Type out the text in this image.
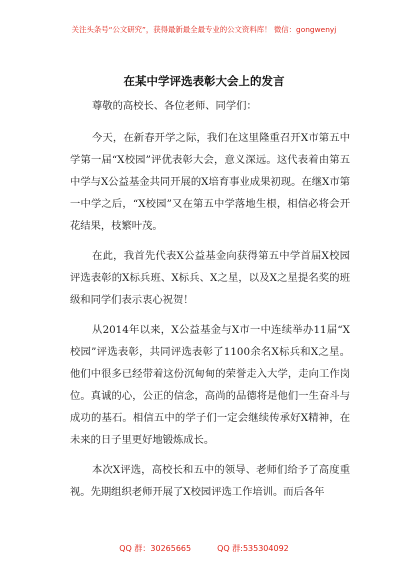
关注头条号“公文研究”，获得最新最全最专业的公文资料库！ 微信：gongwenyj
在某中学评选表彰大会上的发言

尊敬的高校长、各位老师、同学们：

今天，在新春开学之际，我们在这里隆重召开X市第五中学第一届“X校园”评优表彰大会，意义深远。这代表着由第五中学与X公益基金共同开展的X培育事业成果初现。在继X市第一中学之后，“X校园”又在第五中学落地生根，相信必将会开花结果，枝繁叶茂。

在此，我首先代表X公益基金向获得第五中学首届X校园评选表彰的X标兵班、X标兵、X之星，以及X之星提名奖的班级和同学们表示衷心祝贺！

从2014年以来，X公益基金与X市一中连续举办11届“X校园”评选表彰，共同评选表彰了1100余名X标兵和X之星。他们中很多已经带着这份沉甸甸的荣誉走入大学，走向工作岗位。真诚的心，公正的信念，高尚的品德将是他们一生奋斗与成功的基石。相信五中的学子们一定会继续传承好X精神，在未来的日子里更好地锻炼成长。

本次X评选，高校长和五中的领导、老师们给予了高度重视。先期组织老师开展了X校园评选工作培训。而后各年

QQ 群：30265665	QQ 群:535304092
